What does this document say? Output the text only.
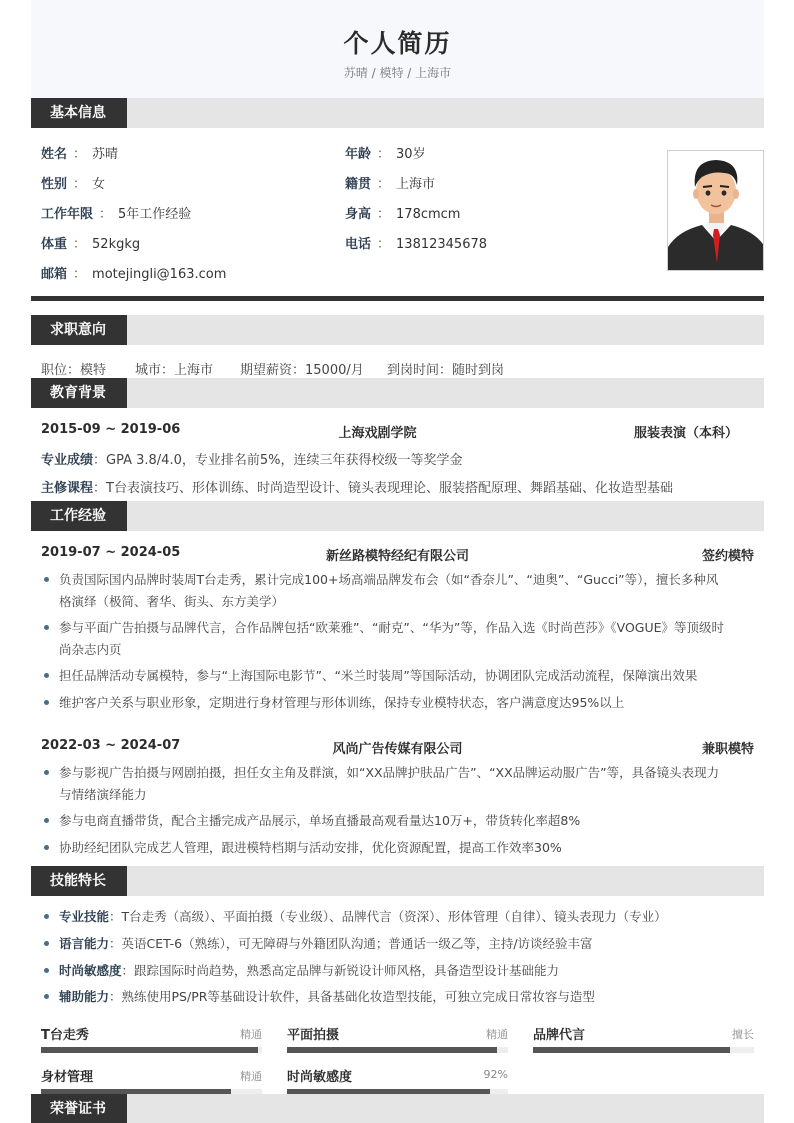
个人简历
苏晴 / 模特 / 上海市
基本信息
姓名 ： 苏晴	年龄 ： 30岁
性别 ： 女	籍贯 ： 上海市
工作年限 ： 5年工作经验	身高 ： 178cmcm
体重 ： 52kgkg	电话 ： 13812345678
邮箱 ： motejingli@163.com
求职意向
职位：模特 城市：上海市 期望薪资：15000/月 到岗时间：随时到岗
教育背景
2015-09 ~ 2019-06	上海戏剧学院	服装表演（本科）
专业成绩：GPA 3.8/4.0，专业排名前5%，连续三年获得校级一等奖学金
主修课程：T台表演技巧、形体训练、时尚造型设计、镜头表现理论、服装搭配原理、舞蹈基础、化妆造型基础
工作经验
2019-07 ~ 2024-05	新丝路模特经纪有限公司	签约模特
负责国际国内品牌时装周T台走秀，累计完成100+场高端品牌发布会（如“香奈儿”、“迪奥”、“Gucci”等），擅长多种风
格演绎（极简、奢华、街头、东方美学）
参与平面广告拍摄与品牌代言，合作品牌包括“欧莱雅”、“耐克”、“华为”等，作品入选《时尚芭莎》《VOGUE》等顶级时
尚杂志内页
担任品牌活动专属模特，参与“上海国际电影节”、“米兰时装周”等国际活动，协调团队完成活动流程，保障演出效果
维护客户关系与职业形象，定期进行身材管理与形体训练，保持专业模特状态，客户满意度达95%以上
2022-03 ~ 2024-07	风尚广告传媒有限公司	兼职模特
参与影视广告拍摄与网剧拍摄，担任女主角及群演，如“XX品牌护肤品广告”、“XX品牌运动服广告”等，具备镜头表现力
与情绪演绎能力
参与电商直播带货，配合主播完成产品展示，单场直播最高观看量达10万+，带货转化率超8%
协助经纪团队完成艺人管理，跟进模特档期与活动安排，优化资源配置，提高工作效率30%
技能特长
专业技能：T台走秀（高级）、平面拍摄（专业级）、品牌代言（资深）、形体管理（自律）、镜头表现力（专业）
语言能力：英语CET-6（熟练），可无障碍与外籍团队沟通；普通话一级乙等，主持/访谈经验丰富
时尚敏感度：跟踪国际时尚趋势，熟悉高定品牌与新锐设计师风格，具备造型设计基础能力
辅助能力：熟练使用PS/PR等基础设计软件，具备基础化妆造型技能，可独立完成日常妆容与造型
T台走秀	精通 平面拍摄	精通 品牌代言	擅长
身材管理	精通 时尚敏感度	92%
荣誉证书
